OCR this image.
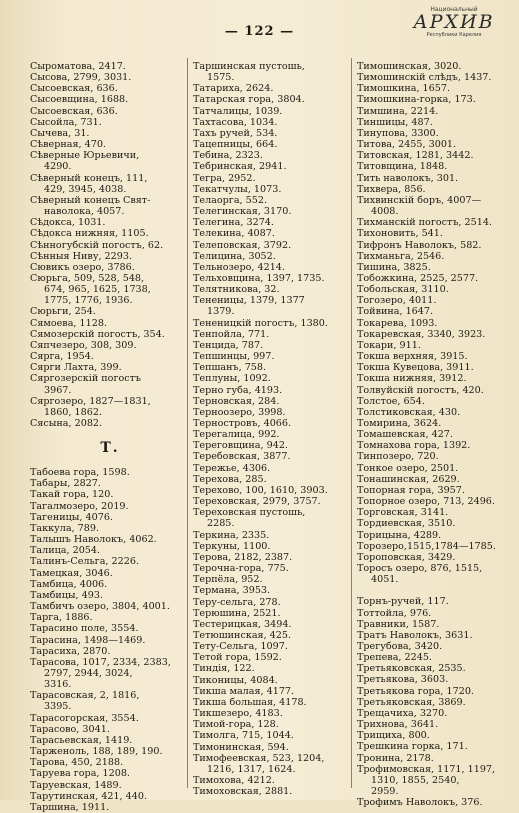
— 122 —
Национальный
АРХИВ
Республики Карелия
Сыроматова, 2417.
Сысова, 2799, 3031.
Сысоевская, 636.
Сысоевщина, 1688.
Сысоевская, 636.
Сысойла, 731.
Сычева, 31.
Сѣверная, 470.
Сѣверные Юрьевичи,
4290.
Сѣверный конецъ, 111,
429, 3945, 4038.
Сѣверный конецъ Свят-
наволока, 4057.
Сѣдокса, 1031.
Сѣдокса нижняя, 1105.
Сѣнногубскій погостъ, 62.
Сѣнныя Ниву, 2293.
Сювикъ озеро, 3786.
Сюрьга, 509, 528, 548,
674, 965, 1625, 1738,
1775, 1776, 1936.
Сюрьги, 254.
Сямоева, 1128.
Сямозерскій погостъ, 354.
Сяпчезеро, 308, 309.
Сярга, 1954.
Сярги Лахта, 399.
Сяргозерскій погостъ
3967.
Сяргозеро, 1827—1831,
1860, 1862.
Сясына, 2082.
Т.
Табоева гора, 1598.
Табары, 2827.
Такай гора, 120.
Тагалмозеро, 2019.
Тагеницы, 4076.
Таккула, 789.
Талышъ Наволокъ, 4062.
Талица, 2054.
Талинъ-Сельга, 2226.
Тамецкая, 3046.
Тамбица, 4006.
Тамбицы, 493.
Тамбичъ озеро, 3804, 4001.
Тарга, 1886.
Тарасино поле, 3554.
Тарасина, 1498—1469.
Тарасиха, 2870.
Тарасова, 1017, 2334, 2383,
2797, 2944, 3024,
3316.
Тарасовская, 2, 1816,
3395.
Тарасогорская, 3554.
Тарасово, 3041.
Тарасьевская, 1419.
Тарженоль, 188, 189, 190.
Тарова, 450, 2188.
Таруева гора, 1208.
Таруевская, 1489.
Тарутинская, 421, 440.
Таршина, 1911.
Таршинская пустошь,
1575.
Татариха, 2624.
Татарская гора, 3804.
Татчалицы, 1039.
Тахтасова, 1034.
Тахъ ручей, 534.
Тацепницы, 664.
Тебина, 2323.
Тебринская, 2941.
Тегра, 2952.
Текатчулы, 1073.
Телаорга, 552.
Телегинская, 3170.
Телегина, 3274.
Телекина, 4087.
Телеповская, 3792.
Телицина, 3052.
Тельнозеро, 4214.
Тельховщина, 1397, 1735.
Телятникова, 32.
Тененицы, 1379, 1377
1379.
Тененицкій погостъ, 1380.
Тенпойла, 771.
Тенцида, 787.
Тепшинцы, 997.
Тепшанъ, 758.
Теплуны, 1092.
Терно губа, 4193.
Терновская, 284.
Терноозеро, 3998.
Терностровъ, 4066.
Терегалица, 992.
Тереговщина, 942.
Теребовская, 3877.
Тережье, 4306.
Терехова, 285.
Терехово, 100, 1610, 3903.
Тереховская, 2979, 3757.
Тереховская пустошь,
2285.
Теркина, 2335.
Теркуны, 1100.
Терова, 2182, 2387.
Терочна-гора, 775.
Терпёла, 952.
Термана, 3953.
Теру-сельга, 278.
Терюшина, 2521.
Тестерицкая, 3494.
Тетюшинская, 425.
Тету-Сельга, 1097.
Тетой гора, 1592.
Тиндія, 122.
Тиконицы, 4084.
Тикша малая, 4177.
Тикша большая, 4178.
Тикшезеро, 4183.
Тимой-гора, 128.
Тимолга, 715, 1044.
Тимонинская, 594.
Тимофеевская, 523, 1204,
1216, 1317, 1624.
Тимохова, 4212.
Тимоховская, 2881.
Тимошинская, 3020.
Тимошинскій слѣдъ, 1437.
Тимошкина, 1657.
Тимошкина-горка, 173.
Тимшина, 2214.
Тиншицы, 487.
Тинупова, 3300.
Титова, 2455, 3001.
Титовская, 1281, 3442.
Титовщина, 1848.
Тить наволокъ, 301.
Тихвера, 856.
Тихвинскій боръ, 4007—
4008.
Тихманскій погостъ, 2514.
Тихоновить, 541.
Тифронъ Наволокъ, 582.
Тихманьга, 2546.
Тишина, 3825.
Тобожкина, 2525, 2577.
Тобольская, 3110.
Тогозеро, 4011.
Тойвина, 1647.
Токарева, 1093.
Токаревская, 3340, 3923.
Токари, 911.
Токша верхняя, 3915.
Токша Кувецова, 3911.
Токша нижняя, 3912.
Толвуйскій погостъ, 420.
Толстое, 654.
Толстиковская, 430.
Томирина, 3624.
Томашевская, 427.
Томнахова гора, 1392.
Тинпозеро, 720.
Тонкое озеро, 2501.
Тонашинская, 2629.
Топорная гора, 3957.
Топорное озеро, 713, 2496.
Торговская, 3141.
Тордиевская, 3510.
Торицына, 4289.
Торозеро,1515,1784—1785.
Тороповская, 3429.
Торосъ озеро, 876, 1515,
4051.
Торнъ-ручей, 117.
Тоттойла, 976.
Травники, 1587.
Тратъ Наволокъ, 3631.
Трегубова, 3420.
Трепева, 2245.
Третьяковская, 2535.
Третьякова, 3603.
Третьякова гора, 1720.
Третьяковская, 3869.
Трещачиха, 3270.
Трихнова, 3641.
Трищиха, 800.
Трешкина горка, 171.
Тронина, 2178.
Трофимовская, 1171, 1197,
1310, 1855, 2540,
2959.
Трофимъ Наволокъ, 376.
